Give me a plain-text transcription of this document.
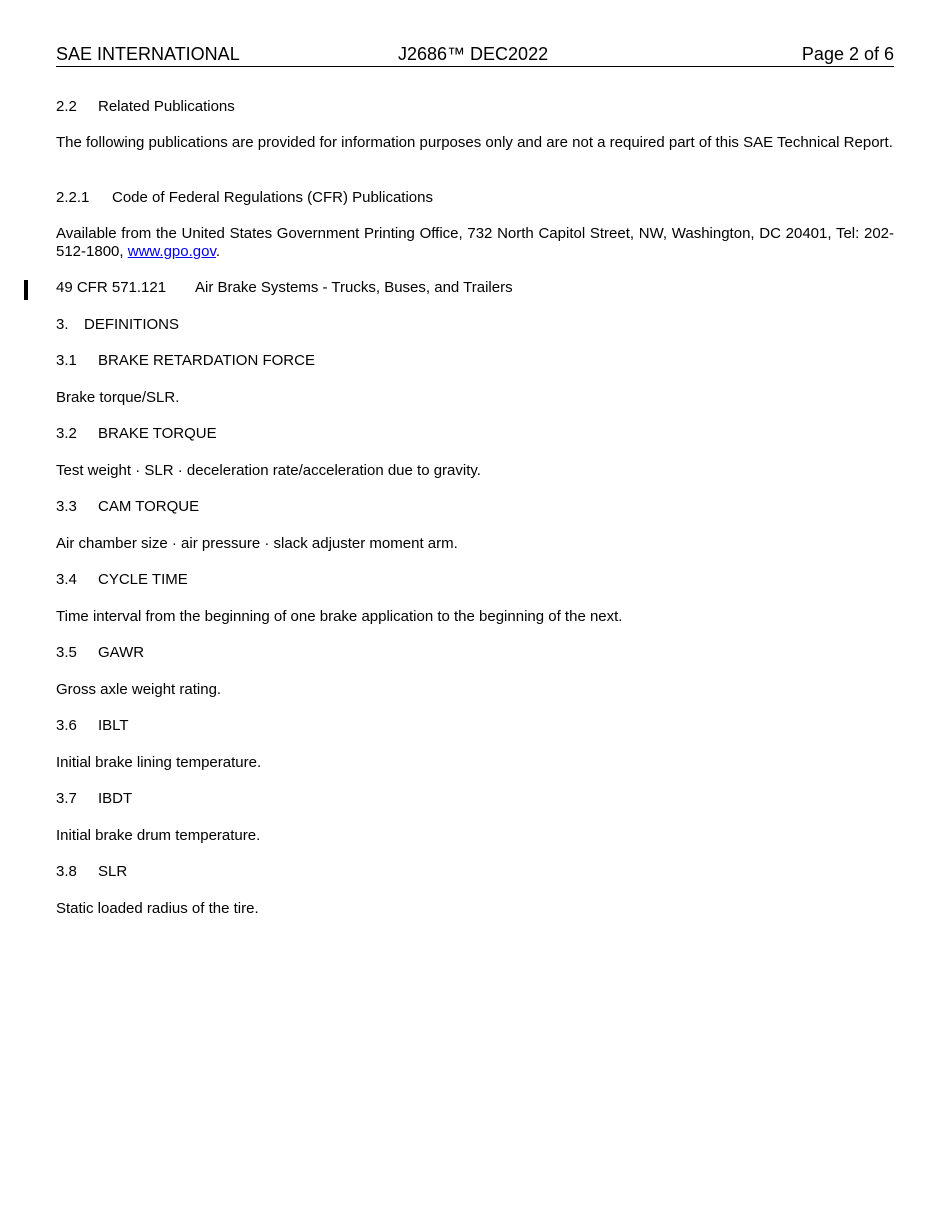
SAE INTERNATIONAL	J2686™ DEC2022	Page 2 of 6
2.2 Related Publications
The following publications are provided for information purposes only and are not a required part of this SAE Technical Report.
2.2.1 Code of Federal Regulations (CFR) Publications
Available from the United States Government Printing Office, 732 North Capitol Street, NW, Washington, DC 20401, Tel: 202-512-1800, www.gpo.gov.
49 CFR 571.121 Air Brake Systems - Trucks, Buses, and Trailers
3. DEFINITIONS
3.1 BRAKE RETARDATION FORCE
Brake torque/SLR.
3.2 BRAKE TORQUE
Test weight · SLR · deceleration rate/acceleration due to gravity.
3.3 CAM TORQUE
Air chamber size · air pressure · slack adjuster moment arm.
3.4 CYCLE TIME
Time interval from the beginning of one brake application to the beginning of the next.
3.5 GAWR
Gross axle weight rating.
3.6 IBLT
Initial brake lining temperature.
3.7 IBDT
Initial brake drum temperature.
3.8 SLR
Static loaded radius of the tire.
